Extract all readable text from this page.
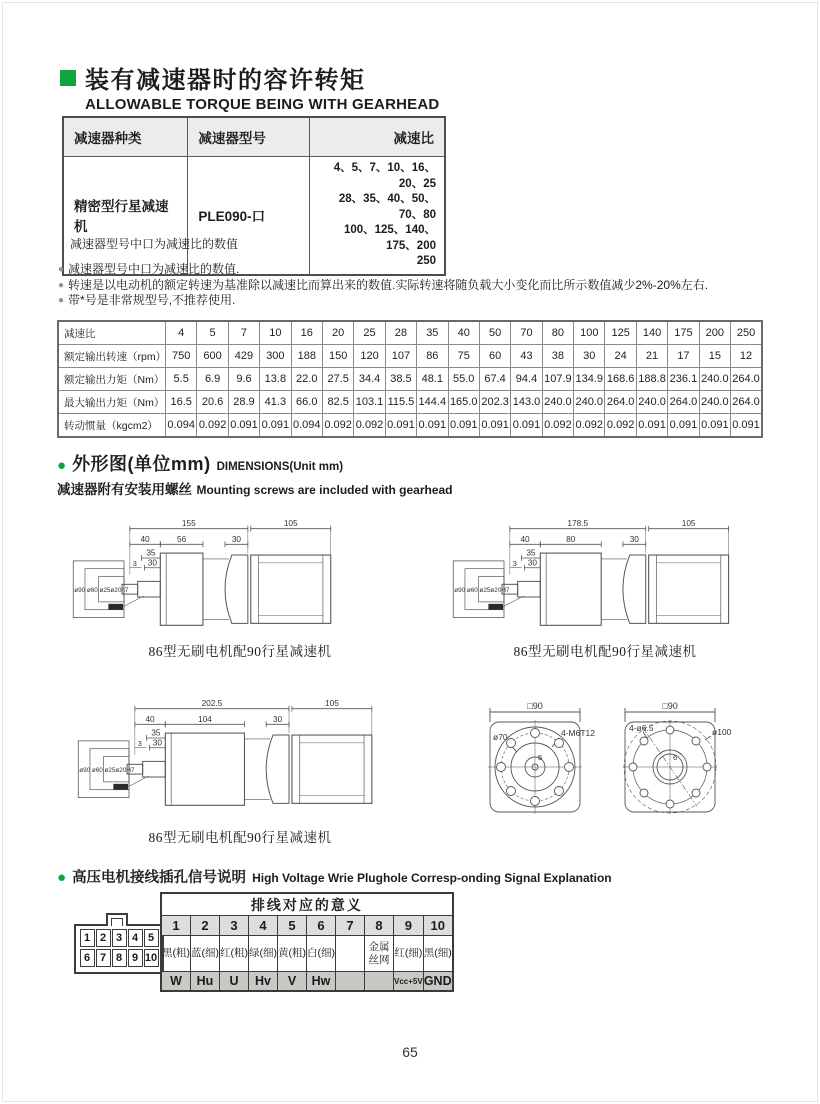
装有减速器时的容许转矩
ALLOWABLE TORQUE BEING WITH GEARHEAD
减速器种类	减速器型号	减速比
精密型行星减速机	PLE090-口	4、5、7、10、16、20、25
28、35、40、50、70、80
100、125、140、175、200
250
减速器型号中口为减速比的数值
● 减速器型号中口为减速比的数值.
● 转速是以电动机的额定转速为基准除以减速比而算出来的数值.实际转速将随负载大小变化而比所示数值减少2%-20%左右.
● 带*号是非常规型号,不推荐使用.
减速比	4	5	7	10	16	20	25	28	35	40	50	70	80	100	125	140	175	200	250
额定输出转速（rpm）	750	600	429	300	188	150	120	107	86	75	60	43	38	30	24	21	17	15	12
额定输出力矩（Nm）	5.5	6.9	9.6	13.8	22.0	27.5	34.4	38.5	48.1	55.0	67.4	94.4	107.9	134.9	168.6	188.8	236.1	240.0	264.0
最大输出力矩（Nm）	16.5	20.6	28.9	41.3	66.0	82.5	103.1	115.5	144.4	165.0	202.3	143.0	240.0	240.0	264.0	240.0	264.0	240.0	264.0
转动惯量（kgcm2）	0.094	0.092	0.091	0.091	0.094	0.092	0.092	0.091	0.091	0.091	0.091	0.091	0.092	0.092	0.092	0.091	0.091	0.091	0.091
● 外形图(单位mm) DIMENSIONS(Unit mm)
减速器附有安装用螺丝 Mounting screws are included with gearhead
155	105
40	56	30
35
30
3
ø90 ø60 ø25ø20h7
178.5	105
40	80	30
35
30
3
ø90 ø60 ø25ø20H7
202.5	105
40	104	30
35
30
3
ø90 ø60 ø25ø20H7
86型无刷电机配90行星减速机	86型无刷电机配90行星减速机
86型无刷电机配90行星减速机
□90
ø70	4-M6T12
5
□90
4-ø6.5	ø100
6
● 高压电机接线插孔信号说明 High Voltage Wrie Plughole Corresp-onding Signal Explanation
1 2 3 4 5
6 7 8 9 10
排线对应的意义									
1	2	3	4	5	6	7	8	9	10
黑(粗)	蓝(细)	红(粗)	绿(细)	黄(粗)	白(细)		金属丝网	红(细)	黑(细)
W	Hu	U	Hv	V	Hw			Vcc+5V	GND
65
